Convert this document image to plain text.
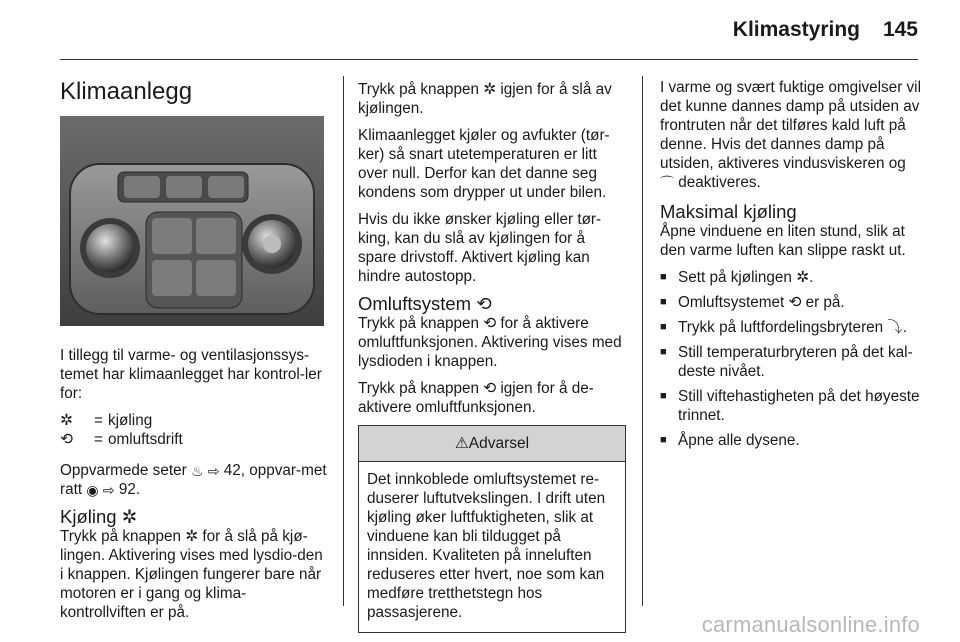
Klimastyring 145
Klimaanlegg

I tillegg til varme- og ventilasjonssys-temet har klimaanlegget har kontrol-ler for:

✲	= kjøling
⟲	= omluftsdrift

Oppvarmede seter ♨ ⇨ 42, oppvar-met ratt ◉ ⇨ 92.

Kjøling ✲

Trykk på knappen ✲ for å slå på kjø-lingen. Aktivering vises med lysdio-den i knappen. Kjølingen fungerer bare når motoren er i gang og klima-kontrollviften er på.

Trykk på knappen ✲ igjen for å slå av kjølingen.

Klimaanlegget kjøler og avfukter (tør-ker) så snart utetemperaturen er litt over null. Derfor kan det danne seg kondens som drypper ut under bilen.

Hvis du ikke ønsker kjøling eller tør-king, kan du slå av kjølingen for å spare drivstoff. Aktivert kjøling kan hindre autostopp.

Omluftsystem ⟲

Trykk på knappen ⟲ for å aktivere omluftfunksjonen. Aktivering vises med lysdioden i knappen.

Trykk på knappen ⟲ igjen for å de-aktivere omluftfunksjonen.

⚠Advarsel
Det innkoblede omluftsystemet re-duserer luftutvekslingen. I drift uten kjøling øker luftfuktigheten, slik at vinduene kan bli tildugget på innsiden. Kvaliteten på inneluften reduseres etter hvert, noe som kan medføre tretthetstegn hos passasjerene.

I varme og svært fuktige omgivelser vil det kunne dannes damp på utsiden av frontruten når det tilføres kald luft på denne. Hvis det dannes damp på utsiden, aktiveres vindusviskeren og ⌒ deaktiveres.

Maksimal kjøling

Åpne vinduene en liten stund, slik at den varme luften kan slippe raskt ut.

■ Sett på kjølingen ✲.
■ Omluftsystemet ⟲ er på.
■ Trykk på luftfordelingsbryteren ⤵.
■ Still temperaturbryteren på det kal-deste nivået.
■ Still viftehastigheten på det høyeste trinnet.
■ Åpne alle dysene.
carmanualsonline.info
